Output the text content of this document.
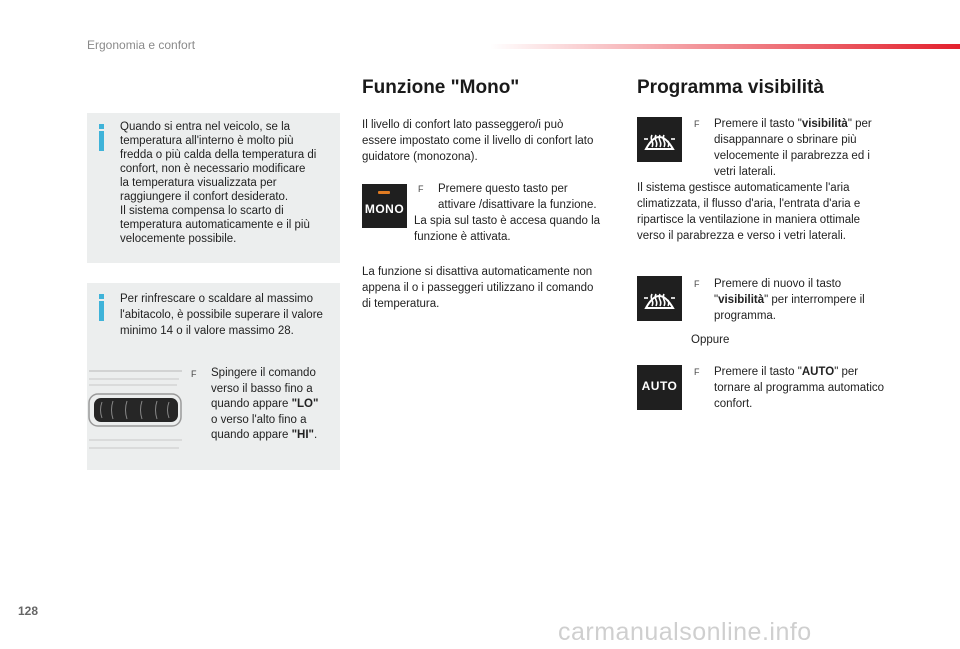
Ergonomia e confort
Quando si entra nel veicolo, se la
temperatura all'interno è molto più
fredda o più calda della temperatura di
confort, non è necessario modificare
la temperatura visualizzata per
raggiungere il confort desiderato.
Il sistema compensa lo scarto di
temperatura automaticamente e il più
velocemente possibile.
Per rinfrescare o scaldare al massimo
l'abitacolo, è possibile superare il valore
minimo 14 o il valore massimo 28.
F Spingere il comando
verso il basso fino a
quando appare "LO"
o verso l'alto fino a
quando appare "HI".
Funzione "Mono"
Il livello di confort lato passeggero/i può
essere impostato come il livello di confort lato
guidatore (monozona).
MONO
F Premere questo tasto per
attivare /disattivare la funzione.
La spia sul tasto è accesa quando la
funzione è attivata.
La funzione si disattiva automaticamente non
appena il o i passeggeri utilizzano il comando
di temperatura.
Programma visibilità
F Premere il tasto "visibilità" per
disappannare o sbrinare più
velocemente il parabrezza ed i
vetri laterali.
Il sistema gestisce automaticamente l'aria
climatizzata, il flusso d'aria, l'entrata d'aria e
ripartisce la ventilazione in maniera ottimale
verso il parabrezza e verso i vetri laterali.
F Premere di nuovo il tasto
"visibilità" per interrompere il
programma.
Oppure
AUTO
F Premere il tasto "AUTO" per
tornare al programma automatico
confort.
128
carmanualsonline.info
